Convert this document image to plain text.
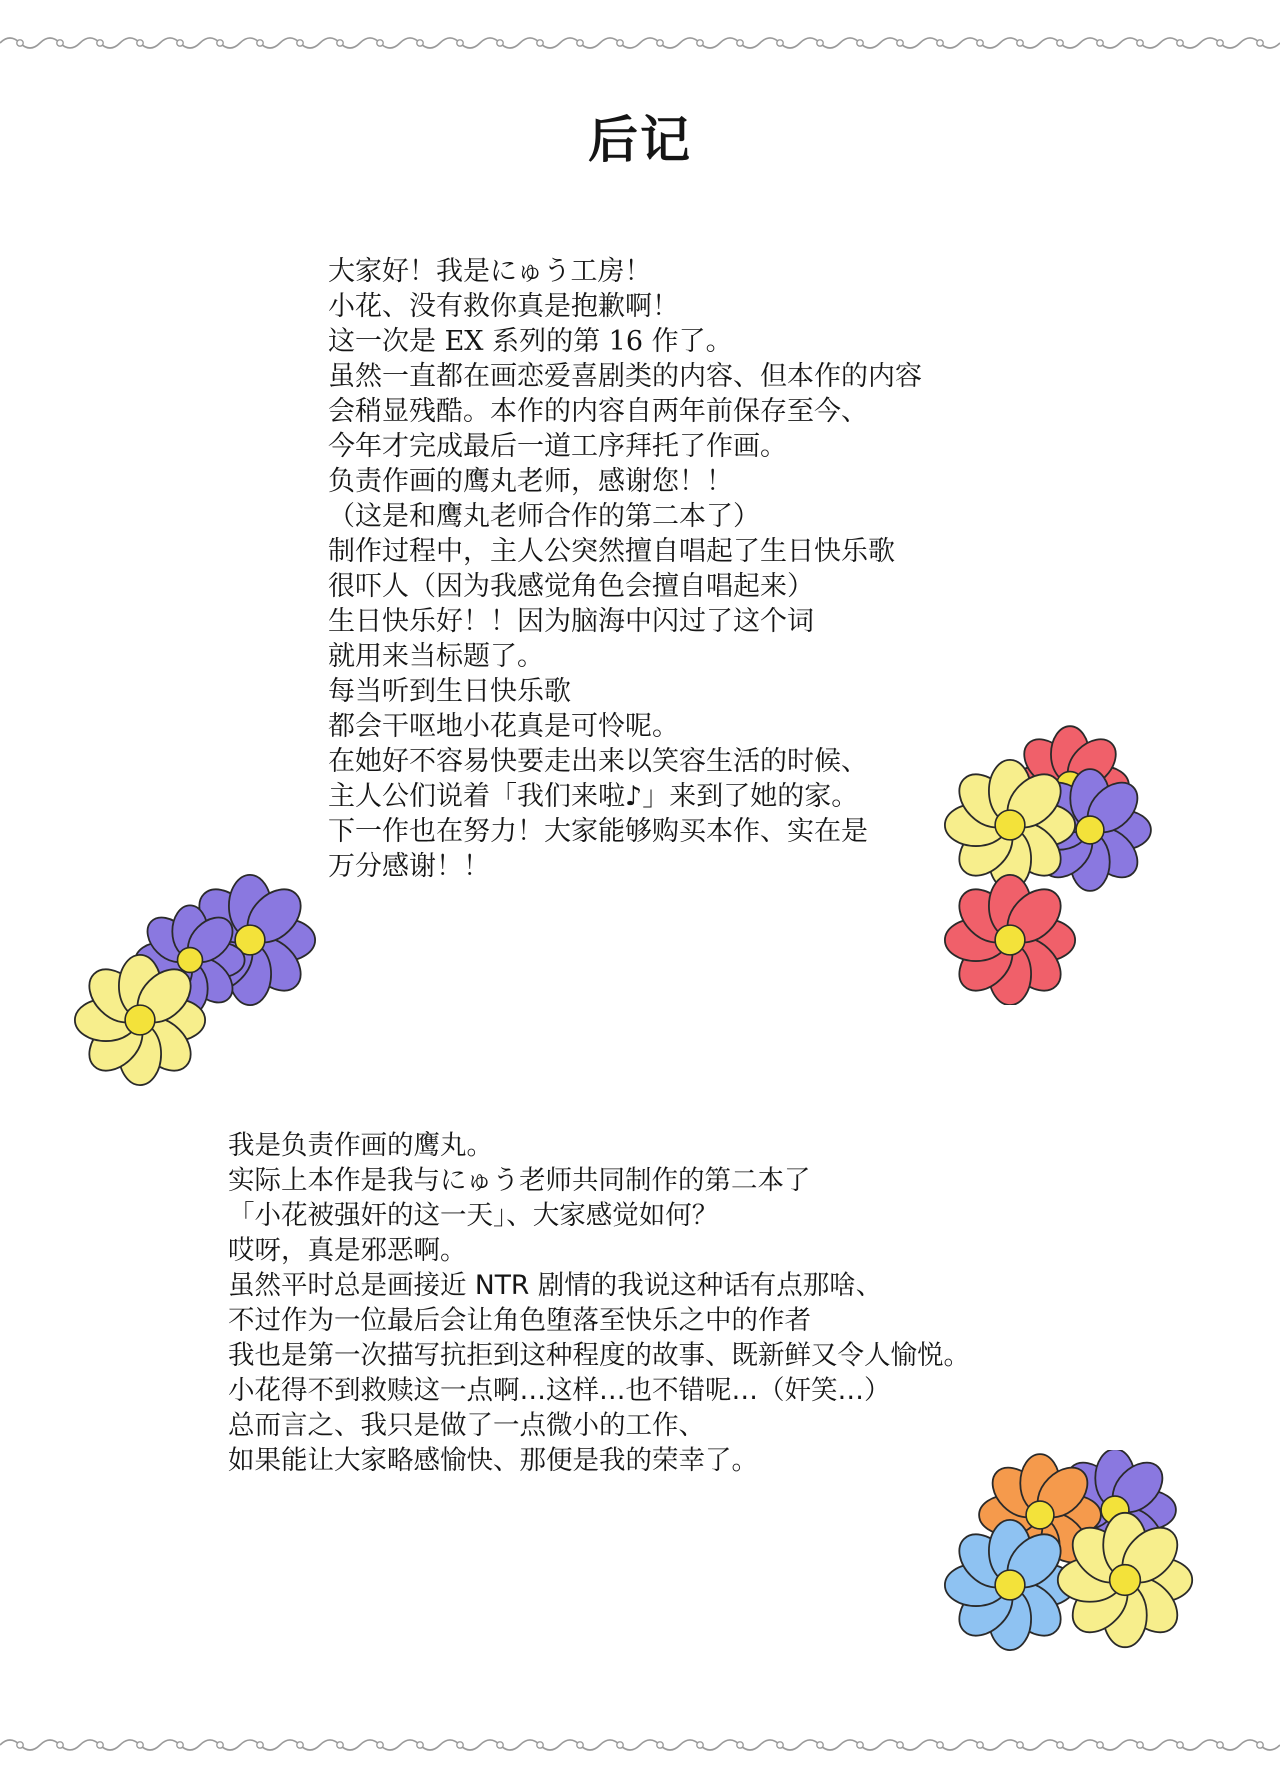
后记

大家好！我是にゅう工房！
小花、没有救你真是抱歉啊！
这一次是 EX 系列的第 16 作了。

虽然一直都在画恋爱喜剧类的内容、但本作的内容
会稍显残酷。本作的内容自两年前保存至今、
今年才完成最后一道工序拜托了作画。
负责作画的鹰丸老师，感谢您！！
（这是和鹰丸老师合作的第二本了）

制作过程中，主人公突然擅自唱起了生日快乐歌
很吓人（因为我感觉角色会擅自唱起来）
生日快乐好！！因为脑海中闪过了这个词
就用来当标题了。

每当听到生日快乐歌
都会干呕地小花真是可怜呢。
在她好不容易快要走出来以笑容生活的时候、
主人公们说着「我们来啦♪」来到了她的家。

下一作也在努力！大家能够购买本作、实在是
万分感谢！！

我是负责作画的鹰丸。
实际上本作是我与にゅう老师共同制作的第二本了
「小花被强奸的这一天」、大家感觉如何？

哎呀，真是邪恶啊。
虽然平时总是画接近 NTR 剧情的我说这种话有点那啥、
不过作为一位最后会让角色堕落至快乐之中的作者
我也是第一次描写抗拒到这种程度的故事、既新鲜又令人愉悦。

小花得不到救赎这一点啊…这样…也不错呢…（奸笑…）

总而言之、我只是做了一点微小的工作、
如果能让大家略感愉快、那便是我的荣幸了。
